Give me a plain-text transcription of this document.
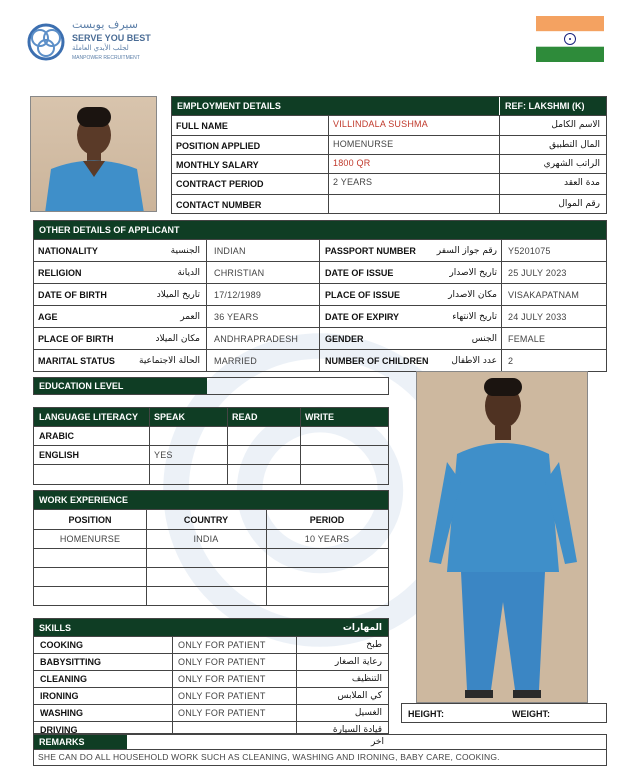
سيرف يوبست
SERVE YOU BEST
لجلب الأيدي العاملة
MANPOWER RECRUITMENT
EMPLOYMENT DETAILS	REF: LAKSHMI (K)
FULL NAME	VILLINDALA SUSHMA	الاسم الكامل
POSITION APPLIED	HOMENURSE	المال التطبيق
MONTHLY SALARY	1800 QR	الراتب الشهري
CONTRACT PERIOD	2 YEARS	مدة العقد
CONTACT NUMBER	رقم الموال
OTHER DETAILS OF APPLICANT
NATIONALITY	الجنسية INDIAN	PASSPORT NUMBER	رقم جواز السفر Y5201075
RELIGION	الديانة CHRISTIAN	DATE OF ISSUE	تاريخ الاصدار 25 JULY 2023
DATE OF BIRTH	تاريخ الميلاد 17/12/1989	PLACE OF ISSUE	مكان الاصدار VISAKAPATNAM
AGE	العمر 36 YEARS	DATE OF EXPIRY	تاريخ الانتهاء 24 JULY 2033
PLACE OF BIRTH	مكان الميلاد ANDHRAPRADESH	GENDER	الجنس FEMALE
MARITAL STATUS	الحالة الاجتماعية MARRIED	NUMBER OF CHILDREN	عدد الاطفال 2
EDUCATION LEVEL
LANGUAGE LITERACY SPEAK	READ	WRITE
ARABIC
ENGLISH	YES
WORK EXPERIENCE
POSITION	COUNTRY	PERIOD
HOMENURSE	INDIA	10 YEARS
SKILLS	المهارات
COOKING	ONLY FOR PATIENT	طبخ
BABYSITTING	ONLY FOR PATIENT	رعاية الصغار
CLEANING	ONLY FOR PATIENT	التنظيف
IRONING	ONLY FOR PATIENT	كي الملابس
WASHING	ONLY FOR PATIENT	الغسيل
DRIVING	قيادة السيارة
HEIGHT:	WEIGHT:
REMARKS	اخر
SHE CAN DO ALL HOUSEHOLD WORK SUCH AS CLEANING, WASHING AND IRONING, BABY CARE, COOKING.
